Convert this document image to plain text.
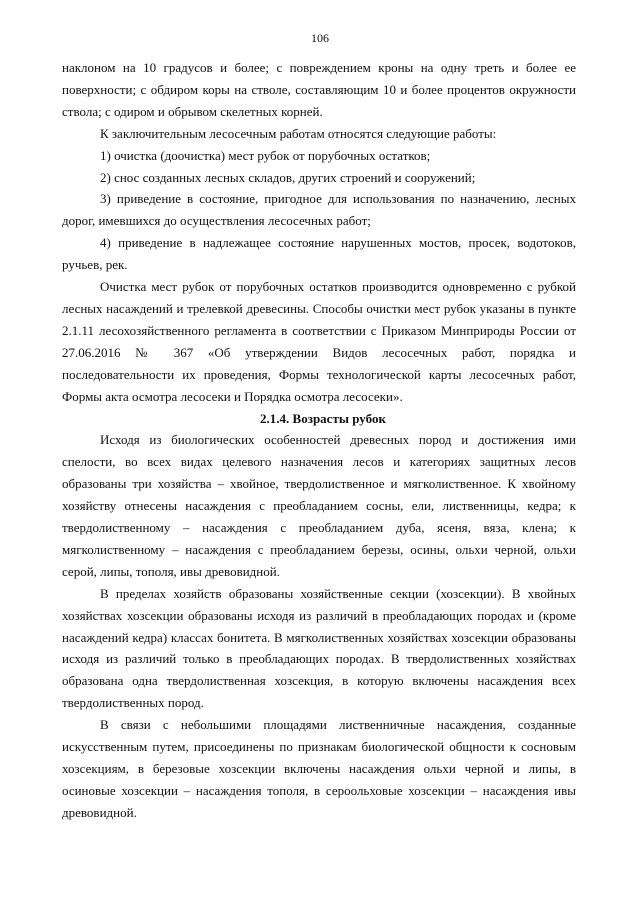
106

наклоном на 10 градусов и более; с повреждением кроны на одну треть и более ее поверхности; с обдиром коры на стволе, составляющим 10 и более процентов окружности ствола; с одиром и обрывом скелетных корней.

К заключительным лесосечным работам относятся следующие работы:

1) очистка (доочистка) мест рубок от порубочных остатков;

2) снос созданных лесных складов, других строений и сооружений;

3) приведение в состояние, пригодное для использования по назначению, лесных дорог, имевшихся до осуществления лесосечных работ;

4) приведение в надлежащее состояние нарушенных мостов, просек, водотоков, ручьев, рек.

Очистка мест рубок от порубочных остатков производится одновременно с рубкой лесных насаждений и трелевкой древесины. Способы очистки мест рубок указаны в пункте 2.1.11 лесохозяйственного регламента в соответствии с Приказом Минприроды России от 27.06.2016 № 367 «Об утверждении Видов лесосечных работ, порядка и последовательности их проведения, Формы технологической карты лесосечных работ, Формы акта осмотра лесосеки и Порядка осмотра лесосеки».

2.1.4. Возрасты рубок

Исходя из биологических особенностей древесных пород и достижения ими спелости, во всех видах целевого назначения лесов и категориях защитных лесов образованы три хозяйства – хвойное, твердолиственное и мягколиственное. К хвойному хозяйству отнесены насаждения с преобладанием сосны, ели, лиственницы, кедра; к твердолиственному – насаждения с преобладанием дуба, ясеня, вяза, клена; к мягколиственному – насаждения с преобладанием березы, осины, ольхи черной, ольхи серой, липы, тополя, ивы древовидной.

В пределах хозяйств образованы хозяйственные секции (хозсекции). В хвойных хозяйствах хозсекции образованы исходя из различий в преобладающих породах и (кроме насаждений кедра) классах бонитета. В мягколиственных хозяйствах хозсекции образованы исходя из различий только в преобладающих породах. В твердолиственных хозяйствах образована одна твердолиственная хозсекция, в которую включены насаждения всех твердолиственных пород.

В связи с небольшими площадями лиственничные насаждения, созданные искусственным путем, присоединены по признакам биологической общности к сосновым хозсекциям, в березовые хозсекции включены насаждения ольхи черной и липы, в осиновые хозсекции – насаждения тополя, в сероольховые хозсекции – насаждения ивы древовидной.
